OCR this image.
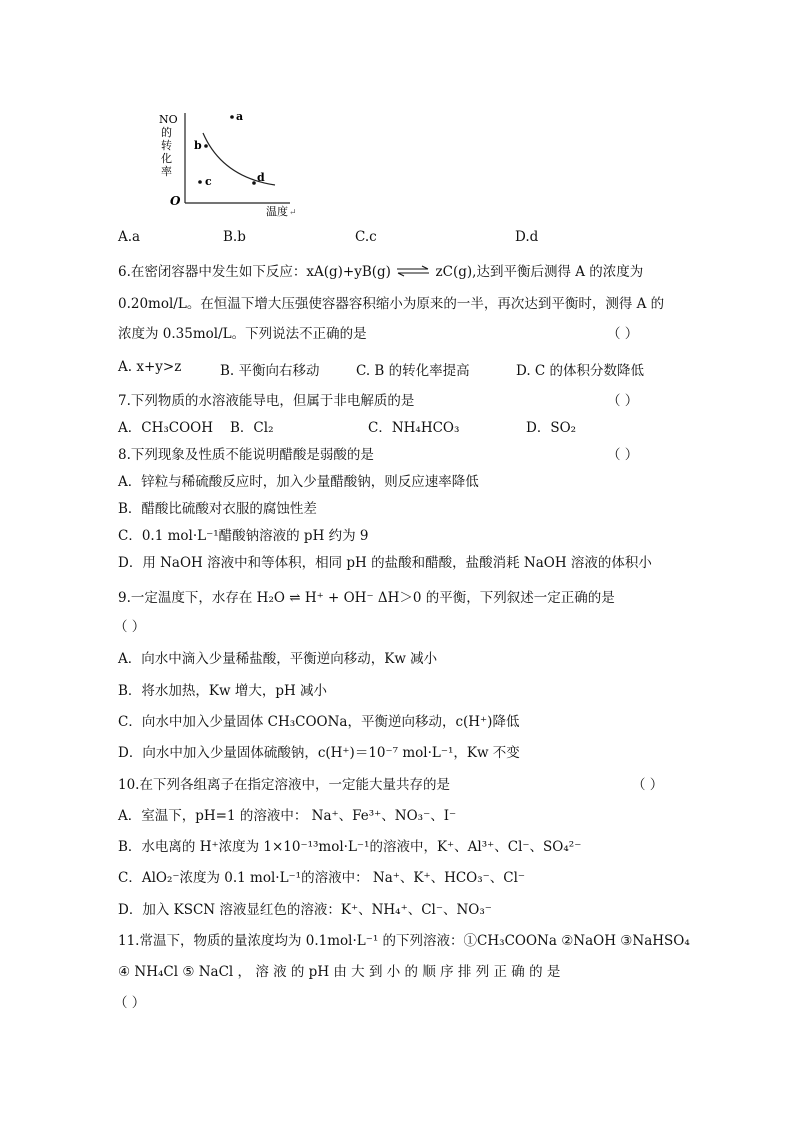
NO
的
转
化
率
O
温度 ↵
a
b
c	d
A.a	B.b	C.c	D.d
6.在密闭容器中发生如下反应：xA(g)+yB(g) ⇌ zC(g),达到平衡后测得 A 的浓度为
0.20mol/L。在恒温下增大压强使容器容积缩小为原来的一半，再次达到平衡时，测得 A 的
浓度为 0.35mol/L。下列说法不正确的是	（ ）
A. x+y>z	B. 平衡向右移动	C. B 的转化率提高	D. C 的体积分数降低
7.下列物质的水溶液能导电，但属于非电解质的是	（ ）
A．CH₃COOH B．Cl₂	C．NH₄HCO₃	D．SO₂
8.下列现象及性质不能说明醋酸是弱酸的是	（ ）
A．锌粒与稀硫酸反应时，加入少量醋酸钠，则反应速率降低
B．醋酸比硫酸对衣服的腐蚀性差
C．0.1 mol·L⁻¹醋酸钠溶液的 pH 约为 9
D．用 NaOH 溶液中和等体积，相同 pH 的盐酸和醋酸，盐酸消耗 NaOH 溶液的体积小
9.一定温度下，水存在 H₂O ⇌ H⁺ + OH⁻ ΔH＞0 的平衡，下列叙述一定正确的是
（ ）
A．向水中滴入少量稀盐酸，平衡逆向移动，Kw 减小
B．将水加热，Kw 增大，pH 减小
C．向水中加入少量固体 CH₃COONa，平衡逆向移动，c(H⁺)降低
D．向水中加入少量固体硫酸钠，c(H⁺)＝10⁻⁷ mol·L⁻¹，Kw 不变
10.在下列各组离子在指定溶液中，一定能大量共存的是	（ ）
A．室温下，pH=1 的溶液中： Na⁺、Fe³⁺、NO₃⁻、I⁻
B．水电离的 H⁺浓度为 1×10⁻¹³mol·L⁻¹的溶液中，K⁺、Al³⁺、Cl⁻、SO₄²⁻
C．AlO₂⁻浓度为 0.1 mol·L⁻¹的溶液中： Na⁺、K⁺、HCO₃⁻、Cl⁻
D．加入 KSCN 溶液显红色的溶液：K⁺、NH₄⁺、Cl⁻、NO₃⁻
11.常温下，物质的量浓度均为 0.1mol·L⁻¹ 的下列溶液：①CH₃COONa ②NaOH ③NaHSO₄
④ NH₄Cl ⑤ NaCl ， 溶 液 的 pH 由 大 到 小 的 顺 序 排 列 正 确 的 是
（ ）
